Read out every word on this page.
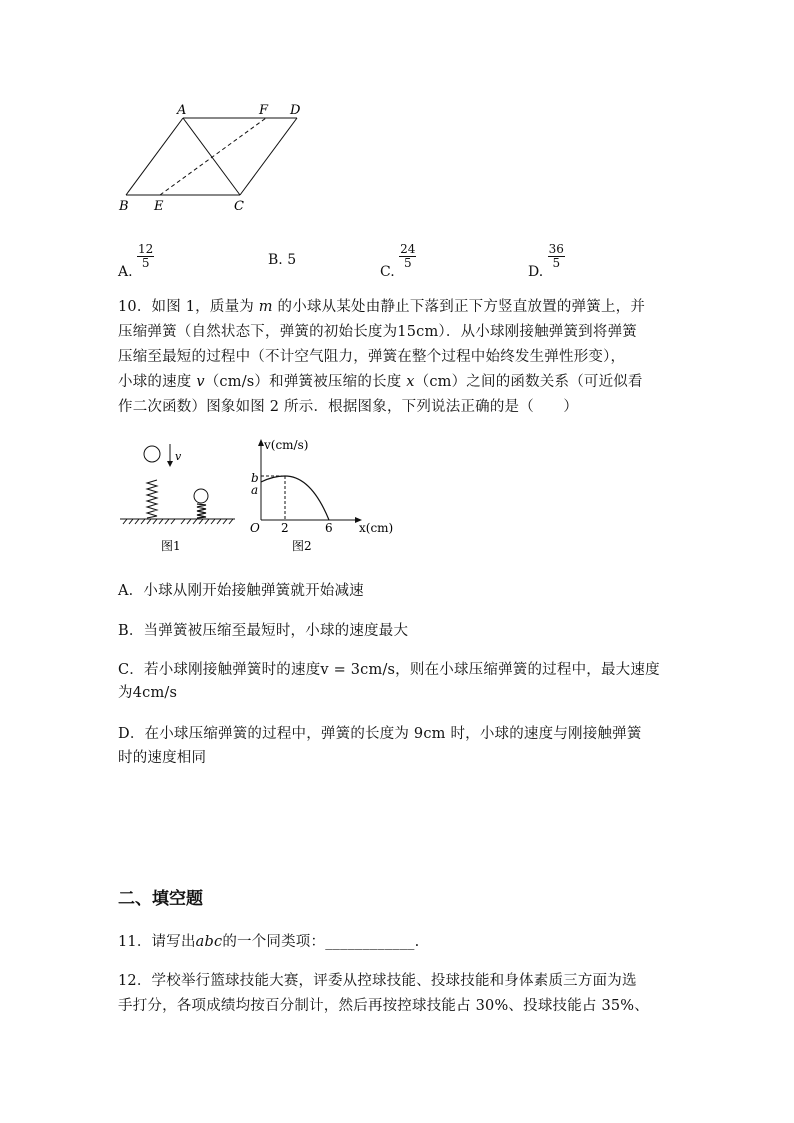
A	F D
B E	C
A.
$\frac{12}{5}$	B. 5
C.
$\frac{24}{5}$
D.
$\frac{36}{5}$
10．如图 1，质量为 m 的小球从某处由静止下落到正下方竖直放置的弹簧上，并
压缩弹簧（自然状态下，弹簧的初始长度为15cm）．从小球刚接触弹簧到将弹簧
压缩至最短的过程中（不计空气阻力，弹簧在整个过程中始终发生弹性形变），
小球的速度 v（cm/s）和弹簧被压缩的长度 x（cm）之间的函数关系（可近似看
作二次函数）图象如图 2 所示．根据图象，下列说法正确的是（　　）
v
图1
v(cm/s)
x(cm)
O 2	6
b
a
图2
A．小球从刚开始接触弹簧就开始减速
B．当弹簧被压缩至最短时，小球的速度最大
C．若小球刚接触弹簧时的速度v = 3cm/s，则在小球压缩弹簧的过程中，最大速度
为4cm/s
D．在小球压缩弹簧的过程中，弹簧的长度为 9cm 时，小球的速度与刚接触弹簧
时的速度相同
二、填空题
11．请写出abc的一个同类项：____________.
12．学校举行篮球技能大赛，评委从控球技能、投球技能和身体素质三方面为选
手打分，各项成绩均按百分制计，然后再按控球技能占 30%、投球技能占 35%、
